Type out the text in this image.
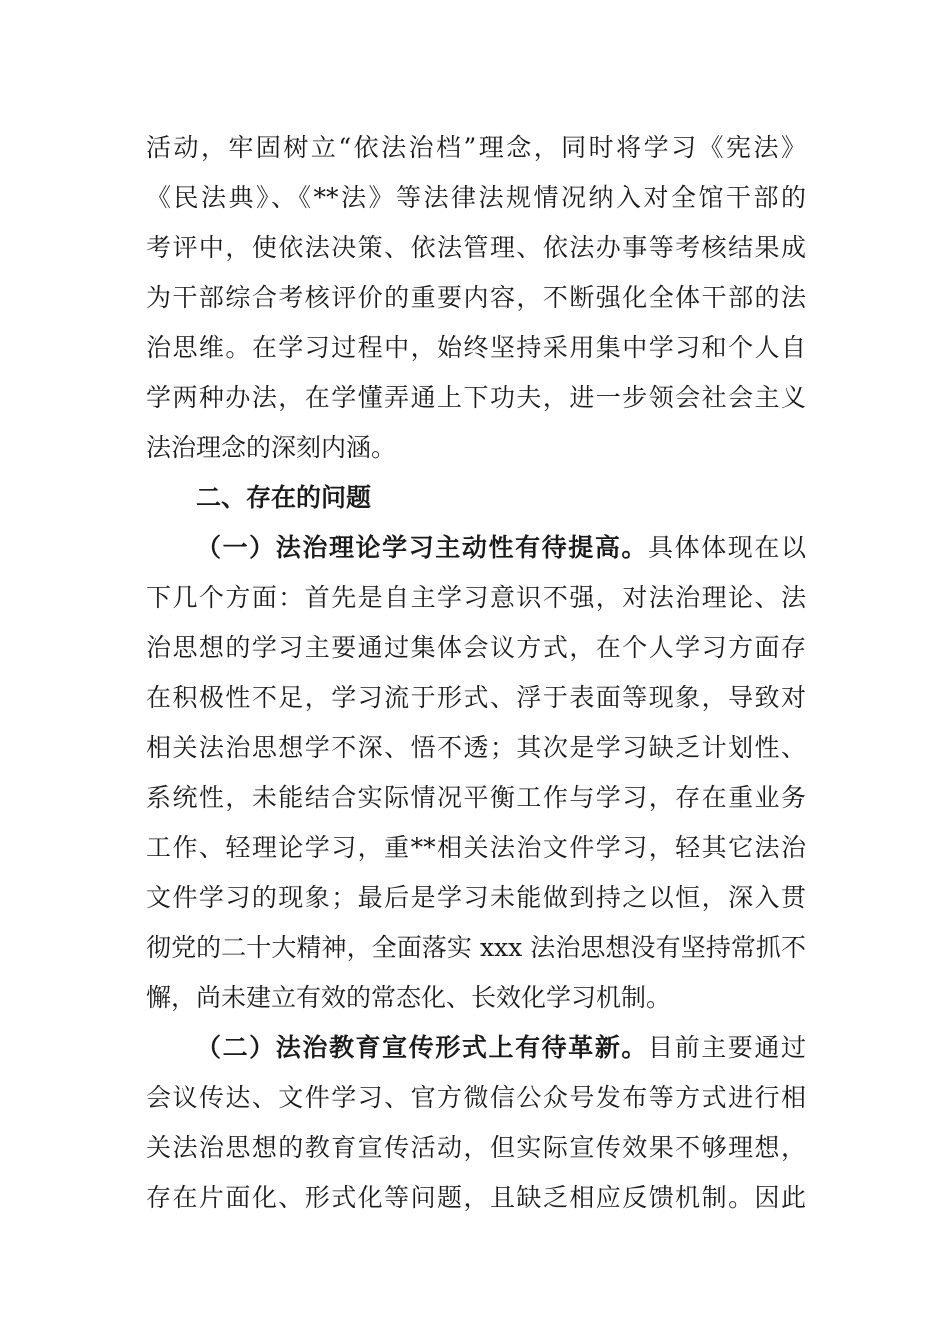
活动，牢固树立“依法治档”理念，同时将学习《宪法》
《民法典》、《**法》等法律法规情况纳入对全馆干部的
考评中，使依法决策、依法管理、依法办事等考核结果成
为干部综合考核评价的重要内容，不断强化全体干部的法
治思维。在学习过程中，始终坚持采用集中学习和个人自
学两种办法，在学懂弄通上下功夫，进一步领会社会主义
法治理念的深刻内涵。
二、存在的问题
（一）法治理论学习主动性有待提高。具体体现在以
下几个方面：首先是自主学习意识不强，对法治理论、法
治思想的学习主要通过集体会议方式，在个人学习方面存
在积极性不足，学习流于形式、浮于表面等现象，导致对
相关法治思想学不深、悟不透；其次是学习缺乏计划性、
系统性，未能结合实际情况平衡工作与学习，存在重业务
工作、轻理论学习，重**相关法治文件学习，轻其它法治
文件学习的现象；最后是学习未能做到持之以恒，深入贯
彻党的二十大精神，全面落实 xxx 法治思想没有坚持常抓不
懈，尚未建立有效的常态化、长效化学习机制。
（二）法治教育宣传形式上有待革新。目前主要通过
会议传达、文件学习、官方微信公众号发布等方式进行相
关法治思想的教育宣传活动，但实际宣传效果不够理想，
存在片面化、形式化等问题，且缺乏相应反馈机制。因此
